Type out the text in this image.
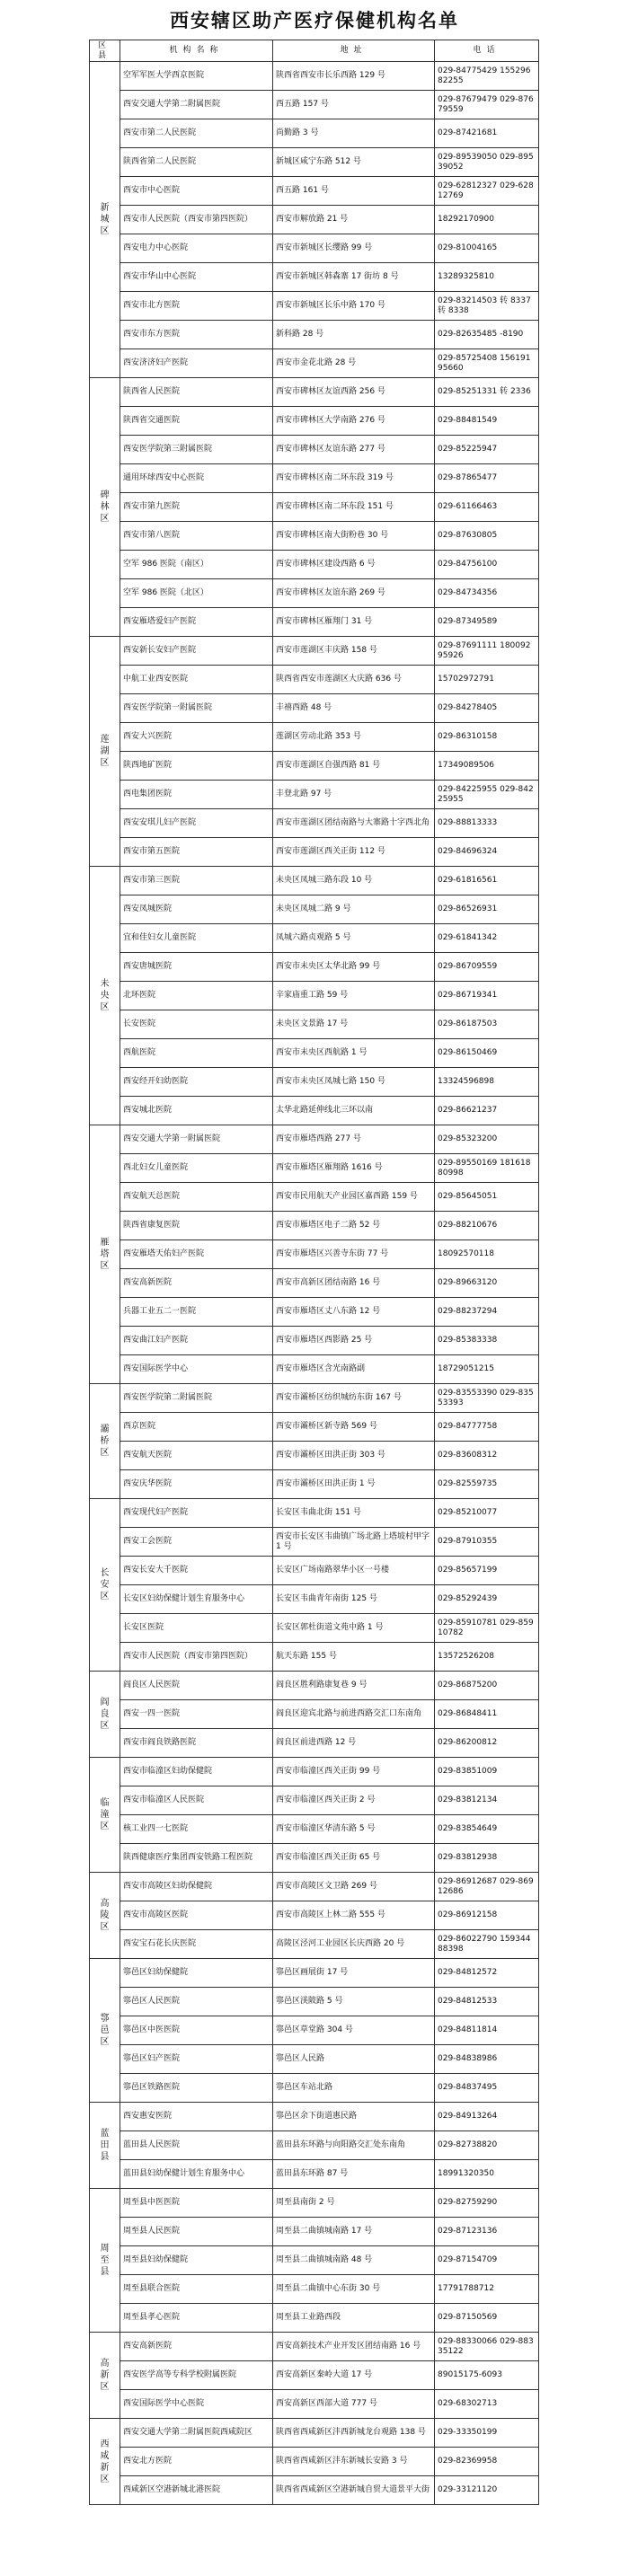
西安辖区助产医疗保健机构名单
区县	机构名称	地址	电话
新
城
区	空军军医大学西京医院	陕西省西安市长乐西路 129 号	029-84775429 15529682255
	西安交通大学第二附属医院	西五路 157 号	029-87679479 029-87679559
	西安市第二人民医院	尚勤路 3 号	029-87421681
	陕西省第二人民医院	新城区咸宁东路 512 号	029-89539050 029-89539052
	西安市中心医院	西五路 161 号	029-62812327 029-62812769
	西安市人民医院（西安市第四医院）	西安市解放路 21 号	18292170900
	西安电力中心医院	西安市新城区长缨路 99 号	029-81004165
	西安市华山中心医院	西安市新城区韩森寨 17 街坊 8 号	13289325810
	西安市北方医院	西安市新城区长乐中路 170 号	029-83214503 转 8337 转 8338
	西安市东方医院	新科路 28 号	029-82635485 -8190
	西安济济妇产医院	西安市金花北路 28 号	029-85725408 15619195660
碑
林
区	陕西省人民医院	西安市碑林区友谊西路 256 号	029-85251331 转 2336
	陕西省交通医院	西安市碑林区大学南路 276 号	029-88481549
	西安医学院第三附属医院	西安市碑林区友谊东路 277 号	029-85225947
	通用环球西安中心医院	西安市碑林区南二环东段 319 号	029-87865477
	西安市第九医院	西安市碑林区南二环东段 151 号	029-61166463
	西安市第八医院	西安市碑林区南大街粉巷 30 号	029-87630805
	空军 986 医院（南区）	西安市碑林区建设西路 6 号	029-84756100
	空军 986 医院（北区）	西安市碑林区友谊东路 269 号	029-84734356
	西安雁塔爱妇产医院	西安市碑林区雁翔门 31 号	029-87349589
莲
湖
区	西安新长安妇产医院	西安市莲湖区丰庆路 158 号	029-87691111 18009295926
	中航工业西安医院	陕西省西安市莲湖区大庆路 636 号	15702972791
	西安医学院第一附属医院	丰禧西路 48 号	029-84278405
	西安大兴医院	莲湖区劳动北路 353 号	029-86310158
	陕西地矿医院	西安市莲湖区自强西路 81 号	17349089506
	西电集团医院	丰登北路 97 号	029-84225955 029-84225955
	西安安琪儿妇产医院	西安市莲湖区团结南路与大寨路十字西北角	029-88813333
	西安市第五医院	西安市莲湖区西关正街 112 号	029-84696324
未
央
区	西安市第三医院	未央区凤城三路东段 10 号	029-61816561
	西安凤城医院	未央区凤城二路 9 号	029-86526931
	宜和佳妇女儿童医院	凤城六路贞观路 5 号	029-61841342
	西安唐城医院	西安市未央区太华北路 99 号	029-86709559
	北环医院	辛家庙重工路 59 号	029-86719341
	长安医院	未央区文景路 17 号	029-86187503
	西航医院	西安市未央区西航路 1 号	029-86150469
	西安经开妇幼医院	西安市未央区凤城七路 150 号	13324596898
	西安城北医院	太华北路延伸线北三环以南	029-86621237
雁
塔
区	西安交通大学第一附属医院	西安市雁塔西路 277 号	029-85323200
	西北妇女儿童医院	西安市雁塔区雁翔路 1616 号	029-89550169 18161880998
	西安航天总医院	西安市民用航天产业园区嘉西路 159 号	029-85645051
	陕西省康复医院	西安市雁塔区电子二路 52 号	029-88210676
	西安雁塔天佑妇产医院	西安市雁塔区兴善寺东街 77 号	18092570118
	西安高新医院	西安市高新区团结南路 16 号	029-89663120
	兵器工业五二一医院	西安市雁塔区丈八东路 12 号	029-88237294
	西安曲江妇产医院	西安市雁塔区西影路 25 号	029-85383338
	西安国际医学中心	西安市雁塔区含光南路副	18729051215
灞
桥
区	西安医学院第二附属医院	西安市灞桥区纺织城纺东街 167 号	029-83553390 029-83553393
	西京医院	西安市灞桥区新寺路 569 号	029-84777758
	西安航天医院	西安市灞桥区田洪正街 303 号	029-83608312
	西安庆华医院	西安市灞桥区田洪正街 1 号	029-82559735
长
安
区	西安现代妇产医院	长安区韦曲北街 151 号	029-85210077
	西安工会医院	西安市长安区韦曲镇广场北路上塔坡村甲字 1 号	029-87910355
	西安长安大千医院	长安区广场南路翠华小区一号楼	029-85657199
	长安区妇幼保健计划生育服务中心	长安区韦曲青年南街 125 号	029-85292439
	长安区医院	长安区郭杜街道文苑中路 1 号	029-85910781 029-85910782
	西安市人民医院（西安市第四医院）	航天东路 155 号	13572526208
阎
良
区	阎良区人民医院	阎良区胜利路康复巷 9 号	029-86875200
	西安一四一医院	阎良区迎宾北路与前进西路交汇口东南角	029-86848411
	西安市阎良铁路医院	阎良区前进西路 12 号	029-86200812
临
潼
区	西安市临潼区妇幼保健院	西安市临潼区西关正街 99 号	029-83851009
	西安市临潼区人民医院	西安市临潼区西关正街 2 号	029-83812134
	核工业四一七医院	西安市临潼区华清东路 5 号	029-83854649
	陕西健康医疗集团西安铁路工程医院	西安市临潼区西关正街 65 号	029-83812938
高
陵
区	西安市高陵区妇幼保健院	西安市高陵区文卫路 269 号	029-86912687 029-86912686
	西安市高陵区医院	西安市高陵区上林二路 555 号	029-86912158
	西安宝石花长庆医院	高陵区泾河工业园区长庆西路 20 号	029-86022790 15934488398
鄠
邑
区	鄠邑区妇幼保健院	鄠邑区画展街 17 号	029-84812572
	鄠邑区人民医院	鄠邑区渼陂路 5 号	029-84812533
	鄠邑区中医医院	鄠邑区草堂路 304 号	029-84811814
	鄠邑区妇产医院	鄠邑区人民路	029-84838986
	鄠邑区铁路医院	鄠邑区车站北路	029-84837495
蓝
田
县	西安惠安医院	鄠邑区余下街道惠民路	029-84913264
	蓝田县人民医院	蓝田县东环路与向阳路交汇处东南角	029-82738820
	蓝田县妇幼保健计划生育服务中心	蓝田县东环路 87 号	18991320350
周
至
县	周至县中医医院	周至县南街 2 号	029-82759290
	周至县人民医院	周至县二曲镇城南路 17 号	029-87123136
	周至县妇幼保健院	周至县二曲镇城南路 48 号	029-87154709
	周至县联合医院	周至县二曲镇中心东街 30 号	17791788712
	周至县孝心医院	周至县工业路西段	029-87150569
高
新
区	西安高新医院	西安高新技术产业开发区团结南路 16 号	029-88330066 029-88335122
	西安医学高等专科学校附属医院	西安高新区秦岭大道 17 号	89015175-6093
	西安国际医学中心医院	西安高新区西部大道 777 号	029-68302713
西
咸
新
区	西安交通大学第二附属医院西咸院区	陕西省西咸新区沣西新城龙台观路 138 号	029-33350199
	西安北方医院	陕西省西咸新区沣东新城长安路 3 号	029-82369958
	西咸新区空港新城北港医院	陕西省西咸新区空港新城自贸大道景平大街	029-33121120
